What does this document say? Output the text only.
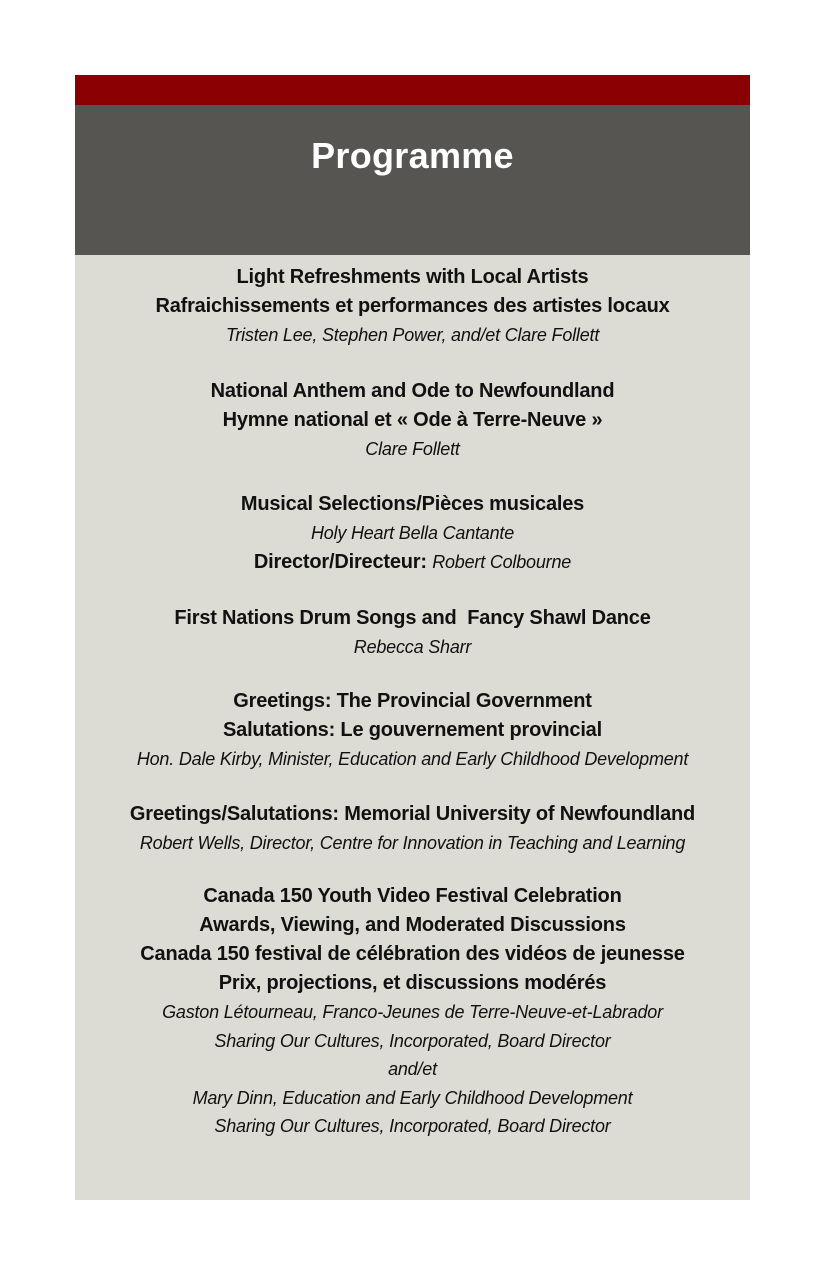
Programme
Light Refreshments with Local Artists
Rafraichissements et performances des artistes locaux
Tristen Lee, Stephen Power, and/et Clare Follett
National Anthem and Ode to Newfoundland
Hymne national et « Ode à Terre-Neuve »
Clare Follett
Musical Selections/Pièces musicales
Holy Heart Bella Cantante
Director/Directeur: Robert Colbourne
First Nations Drum Songs and  Fancy Shawl Dance
Rebecca Sharr
Greetings: The Provincial Government
Salutations: Le gouvernement provincial
Hon. Dale Kirby, Minister, Education and Early Childhood Development
Greetings/Salutations: Memorial University of Newfoundland
Robert Wells, Director, Centre for Innovation in Teaching and Learning
Canada 150 Youth Video Festival Celebration
Awards, Viewing, and Moderated Discussions
Canada 150 festival de célébration des vidéos de jeunesse
Prix, projections, et discussions modérés
Gaston Létourneau, Franco-Jeunes de Terre-Neuve-et-Labrador
Sharing Our Cultures, Incorporated, Board Director
and/et
Mary Dinn, Education and Early Childhood Development
Sharing Our Cultures, Incorporated, Board Director
